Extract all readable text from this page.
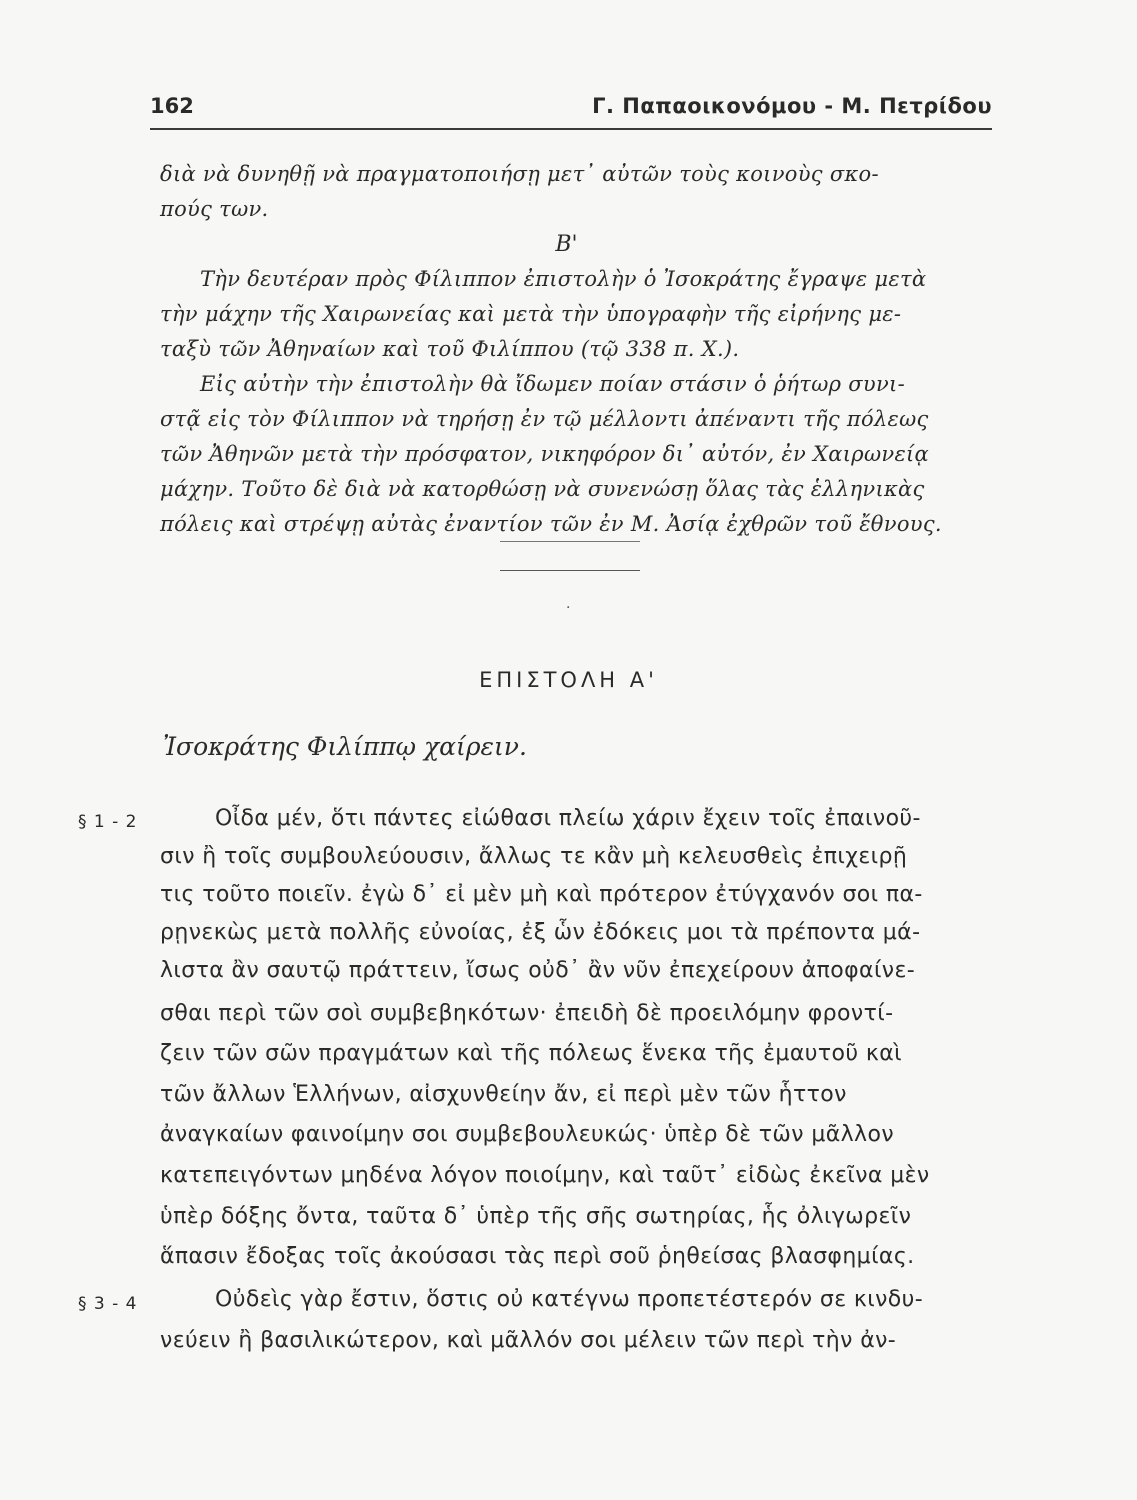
162	Γ. Παπαοικονόμου - Μ. Πετρίδου
διὰ νὰ δυνηθῇ νὰ πραγματοποιήσῃ μετ᾽ αὐτῶν τοὺς κοινοὺς σκο-
πούς των.
Β'
Τὴν δευτέραν πρὸς Φίλιππον ἐπιστολὴν ὁ Ἰσοκράτης ἔγραψε μετὰ
τὴν μάχην τῆς Χαιρωνείας καὶ μετὰ τὴν ὑπογραφὴν τῆς εἰρήνης με-
ταξὺ τῶν Ἀθηναίων καὶ τοῦ Φιλίππου (τῷ 338 π. Χ.).
Εἰς αὐτὴν τὴν ἐπιστολὴν θὰ ἴδωμεν ποίαν στάσιν ὁ ῥήτωρ συνι-
στᾷ εἰς τὸν Φίλιππον νὰ τηρήσῃ ἐν τῷ μέλλοντι ἀπέναντι τῆς πόλεως
τῶν Ἀθηνῶν μετὰ τὴν πρόσφατον, νικηφόρον δι᾽ αὐτόν, ἐν Χαιρωνείᾳ
μάχην. Τοῦτο δὲ διὰ νὰ κατορθώσῃ νὰ συνενώσῃ ὅλας τὰς ἑλληνικὰς
πόλεις καὶ στρέψῃ αὐτὰς ἐναντίον τῶν ἐν Μ. Ἀσίᾳ ἐχθρῶν τοῦ ἔθνους.
·
ΕΠΙΣΤΟΛΗ Α'
Ἰσοκράτης Φιλίππῳ χαίρειν.
§ 1 - 2	Οἶδα μέν, ὅτι πάντες εἰώθασι πλείω χάριν ἔχειν τοῖς ἐπαινοῦ-
σιν ἢ τοῖς συμβουλεύουσιν, ἄλλως τε κἂν μὴ κελευσθεὶς ἐπιχειρῇ
τις τοῦτο ποιεῖν. ἐγὼ δ᾽ εἰ μὲν μὴ καὶ πρότερον ἐτύγχανόν σοι πα-
ρῃνεκὼς μετὰ πολλῆς εὐνοίας, ἐξ ὧν ἐδόκεις μοι τὰ πρέποντα μά-
λιστα ἂν σαυτῷ πράττειν, ἴσως οὐδ᾽ ἂν νῦν ἐπεχείρουν ἀποφαίνε-
σθαι περὶ τῶν σοὶ συμβεβηκότων· ἐπειδὴ δὲ προειλόμην φροντί-
ζειν τῶν σῶν πραγμάτων καὶ τῆς πόλεως ἕνεκα τῆς ἐμαυτοῦ καὶ
τῶν ἄλλων Ἑλλήνων, αἰσχυνθείην ἄν, εἰ περὶ μὲν τῶν ἧττον
ἀναγκαίων φαινοίμην σοι συμβεβουλευκώς· ὑπὲρ δὲ τῶν μᾶλλον
κατεπειγόντων μηδένα λόγον ποιοίμην, καὶ ταῦτ᾽ εἰδὼς ἐκεῖνα μὲν
ὑπὲρ δόξης ὄντα, ταῦτα δ᾽ ὑπὲρ τῆς σῆς σωτηρίας, ἧς ὀλιγωρεῖν
ἅπασιν ἔδοξας τοῖς ἀκούσασι τὰς περὶ σοῦ ῥηθείσας βλασφημίας.
§ 3 - 4	Οὐδεὶς γὰρ ἔστιν, ὅστις οὐ κατέγνω προπετέστερόν σε κινδυ-
νεύειν ἢ βασιλικώτερον, καὶ μᾶλλόν σοι μέλειν τῶν περὶ τὴν ἀν-
